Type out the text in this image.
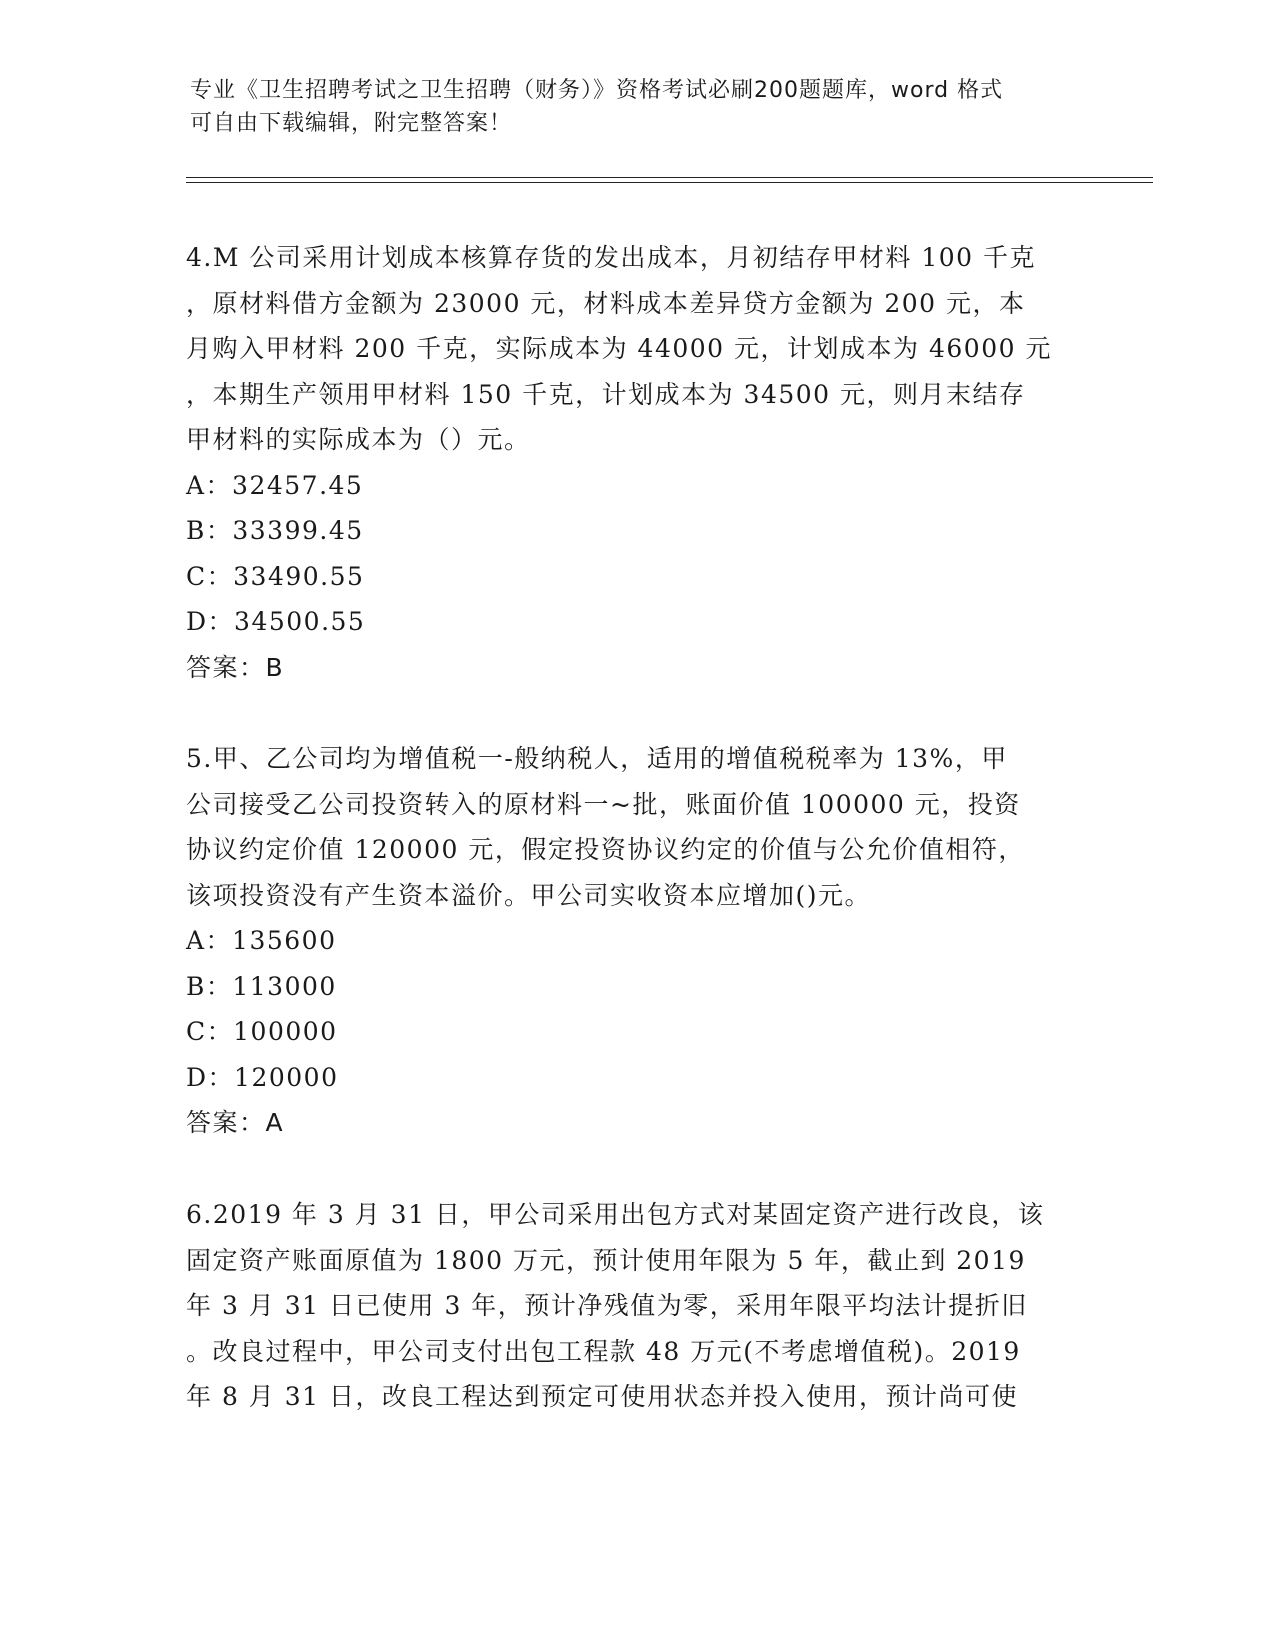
专业《卫生招聘考试之卫生招聘（财务）》资格考试必刷200题题库，word 格式
可自由下载编辑，附完整答案！
4.M 公司采用计划成本核算存货的发出成本，月初结存甲材料 100 千克
，原材料借方金额为 23000 元，材料成本差异贷方金额为 200 元，本
月购入甲材料 200 千克，实际成本为 44000 元，计划成本为 46000 元
，本期生产领用甲材料 150 千克，计划成本为 34500 元，则月末结存
甲材料的实际成本为（）元。
A：32457.45
B：33399.45
C：33490.55
D：34500.55
答案：B
5.甲、乙公司均为增值税一-般纳税人，适用的增值税税率为 13%，甲
公司接受乙公司投资转入的原材料一~批，账面价值 100000 元，投资
协议约定价值 120000 元，假定投资协议约定的价值与公允价值相符，
该项投资没有产生资本溢价。甲公司实收资本应增加()元。
A：135600
B：113000
C：100000
D：120000
答案：A
6.2019 年 3 月 31 日，甲公司采用出包方式对某固定资产进行改良，该
固定资产账面原值为 1800 万元，预计使用年限为 5 年，截止到 2019
年 3 月 31 日已使用 3 年，预计净残值为零，采用年限平均法计提折旧
。改良过程中，甲公司支付出包工程款 48 万元(不考虑增值税)。2019
年 8 月 31 日，改良工程达到预定可使用状态并投入使用，预计尚可使
